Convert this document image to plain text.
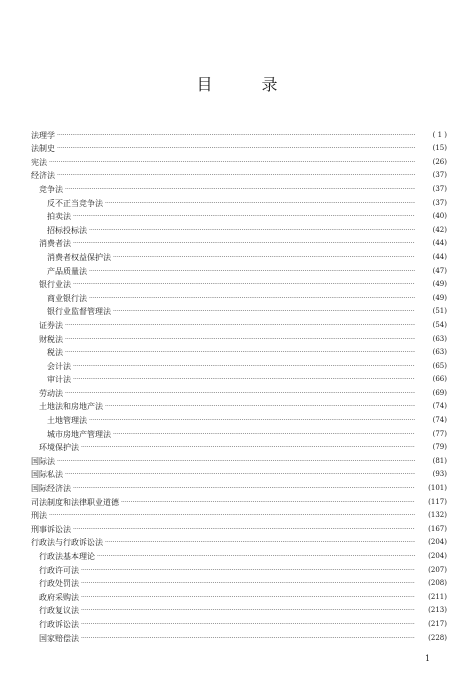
目 录
法理学 ·····	( 1 )
法制史 ·····	(15)
宪法 ·····	(26)
经济法 ·····	(37)
竞争法 ·····	(37)
反不正当竞争法 ·····	(37)
拍卖法 ·····	(40)
招标投标法 ·····	(42)
消费者法 ·····	(44)
消费者权益保护法 ·····	(44)
产品质量法 ·····	(47)
银行业法 ·····	(49)
商业银行法 ·····	(49)
银行业监督管理法 ·····	(51)
证券法 ·····	(54)
财税法 ·····	(63)
税法 ·····	(63)
会计法 ·····	(65)
审计法 ·····	(66)
劳动法 ·····	(69)
土地法和房地产法 ·····	(74)
土地管理法 ·····	(74)
城市房地产管理法 ·····	(77)
环境保护法 ·····	(79)
国际法 ·····	(81)
国际私法 ·····	(93)
国际经济法 ·····	(101)
司法制度和法律职业道德 ·····	(117)
刑法 ·····	(132)
刑事诉讼法 ·····	(167)
行政法与行政诉讼法 ·····	(204)
行政法基本理论 ·····	(204)
行政许可法 ·····	(207)
行政处罚法 ·····	(208)
政府采购法 ·····	(211)
行政复议法 ·····	(213)
行政诉讼法 ·····	(217)
国家赔偿法 ·····	(228)
1
